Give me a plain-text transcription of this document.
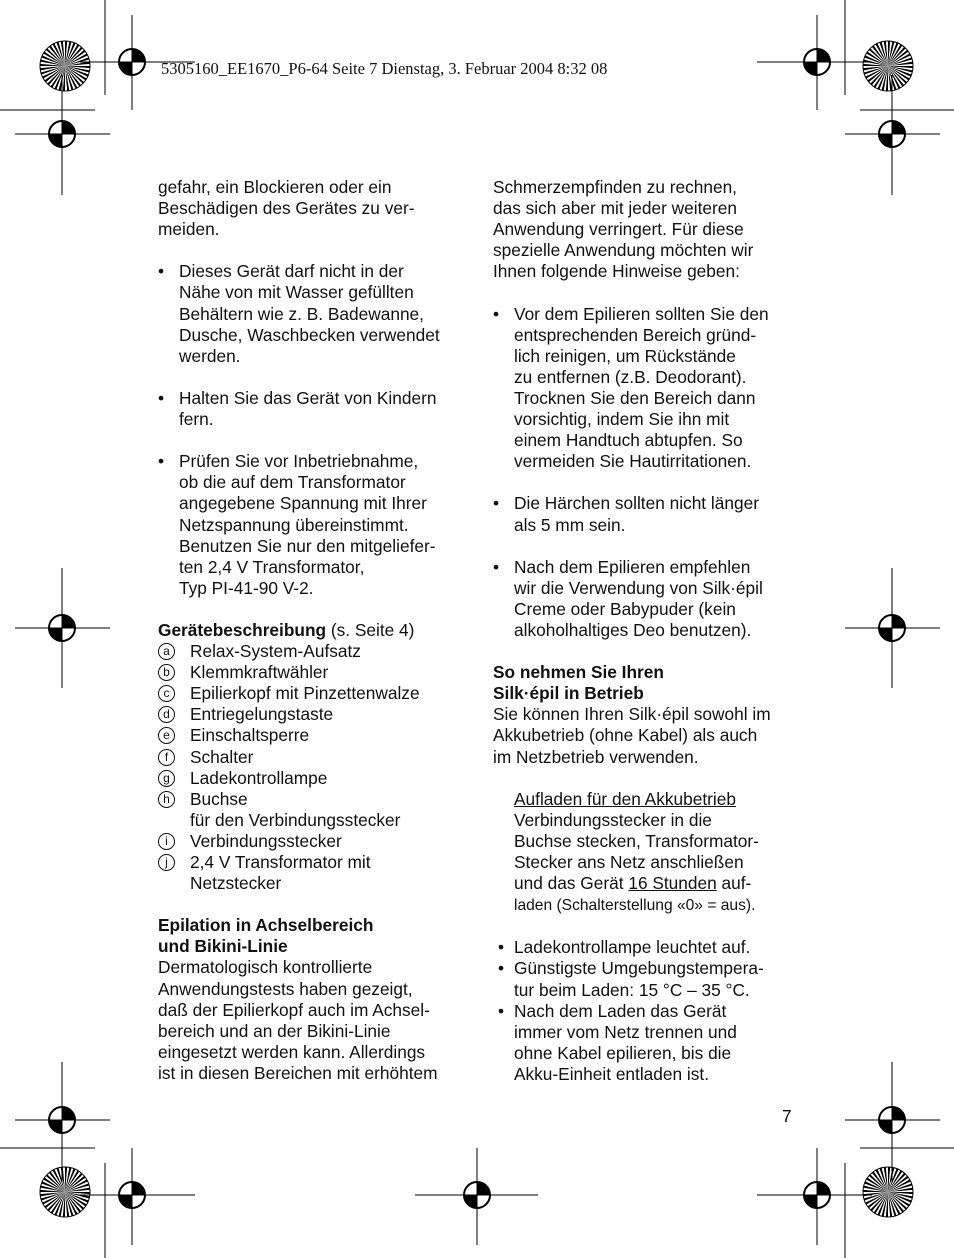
5305160_EE1670_P6-64 Seite 7 Dienstag, 3. Februar 2004 8:32 08

gefahr, ein Blockieren oder ein
Beschädigen des Gerätes zu ver-
meiden.

• Dieses Gerät darf nicht in der
Nähe von mit Wasser gefüllten
Behältern wie z. B. Badewanne,
Dusche, Waschbecken verwendet
werden.

• Halten Sie das Gerät von Kindern
fern.

• Prüfen Sie vor Inbetriebnahme,
ob die auf dem Transformator
angegebene Spannung mit Ihrer
Netzspannung übereinstimmt.
Benutzen Sie nur den mitgeliefer-
ten 2,4 V Transformator,
Typ PI-41-90 V-2.

Gerätebeschreibung (s. Seite 4)

a Relax-System-Aufsatz
b Klemmkraftwähler
c	Epilierkopf mit Pinzettenwalze
d Entriegelungstaste
e Einschaltsperre
f	Schalter
g Ladekontrollampe
h Buchse
für den Verbindungsstecker
i	Verbindungsstecker
j	2,4 V Transformator mit
Netzstecker

Epilation in Achselbereich
und Bikini-Linie

Dermatologisch kontrollierte
Anwendungstests haben gezeigt,
daß der Epilierkopf auch im Achsel-
bereich und an der Bikini-Linie
eingesetzt werden kann. Allerdings
ist in diesen Bereichen mit erhöhtem

Schmerzempfinden zu rechnen,
das sich aber mit jeder weiteren
Anwendung verringert. Für diese
spezielle Anwendung möchten wir
Ihnen folgende Hinweise geben:

• Vor dem Epilieren sollten Sie den
entsprechenden Bereich gründ-
lich reinigen, um Rückstände
zu entfernen (z.B. Deodorant).
Trocknen Sie den Bereich dann
vorsichtig, indem Sie ihn mit
einem Handtuch abtupfen. So
vermeiden Sie Hautirritationen.

• Die Härchen sollten nicht länger
als 5 mm sein.

• Nach dem Epilieren empfehlen
wir die Verwendung von Silk·épil
Creme oder Babypuder (kein
alkoholhaltiges Deo benutzen).

So nehmen Sie Ihren
Silk·épil in Betrieb

Sie können Ihren Silk·épil sowohl im
Akkubetrieb (ohne Kabel) als auch
im Netzbetrieb verwenden.

Aufladen für den Akkubetrieb
Verbindungsstecker in die
Buchse stecken, Transformator-
Stecker ans Netz anschließen
und das Gerät 16 Stunden auf-
laden (Schalterstellung «0» = aus).

• Ladekontrollampe leuchtet auf.

• Günstigste Umgebungstempera-
tur beim Laden: 15 °C – 35 °C.

• Nach dem Laden das Gerät
immer vom Netz trennen und
ohne Kabel epilieren, bis die
Akku-Einheit entladen ist.

7
